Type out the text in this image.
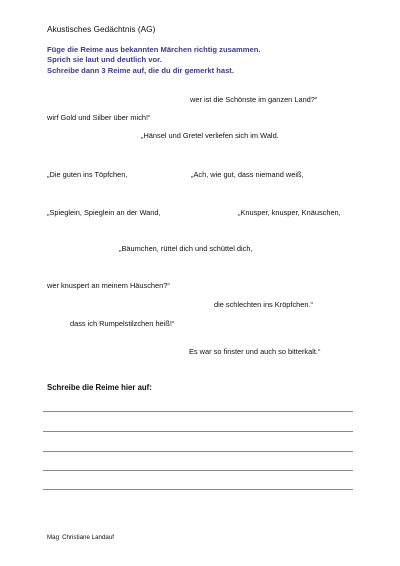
Akustisches Gedächtnis (AG)
Füge die Reime aus bekannten Märchen richtig zusammen.
Sprich sie laut und deutlich vor.
Schreibe dann 3 Reime auf, die du dir gemerkt hast.
wer ist die Schönste im ganzen Land?“
wirf Gold und Silber über mich!“
„Hänsel und Gretel verliefen sich im Wald.
„Die guten ins Töpfchen,	„Ach, wie gut, dass niemand weiß,
„Spieglein, Spieglein an der Wand,	„Knusper, knusper, Knäuschen,
„Bäumchen, rüttel dich und schüttel dich,
wer knuspert an meinem Häuschen?“
die schlechten ins Kröpfchen.“
dass ich Rumpelstilzchen heiß!“
Es war so finster und auch so bitterkalt.“
Schreibe die Reime hier auf:
Mag. Christiane Landauf
